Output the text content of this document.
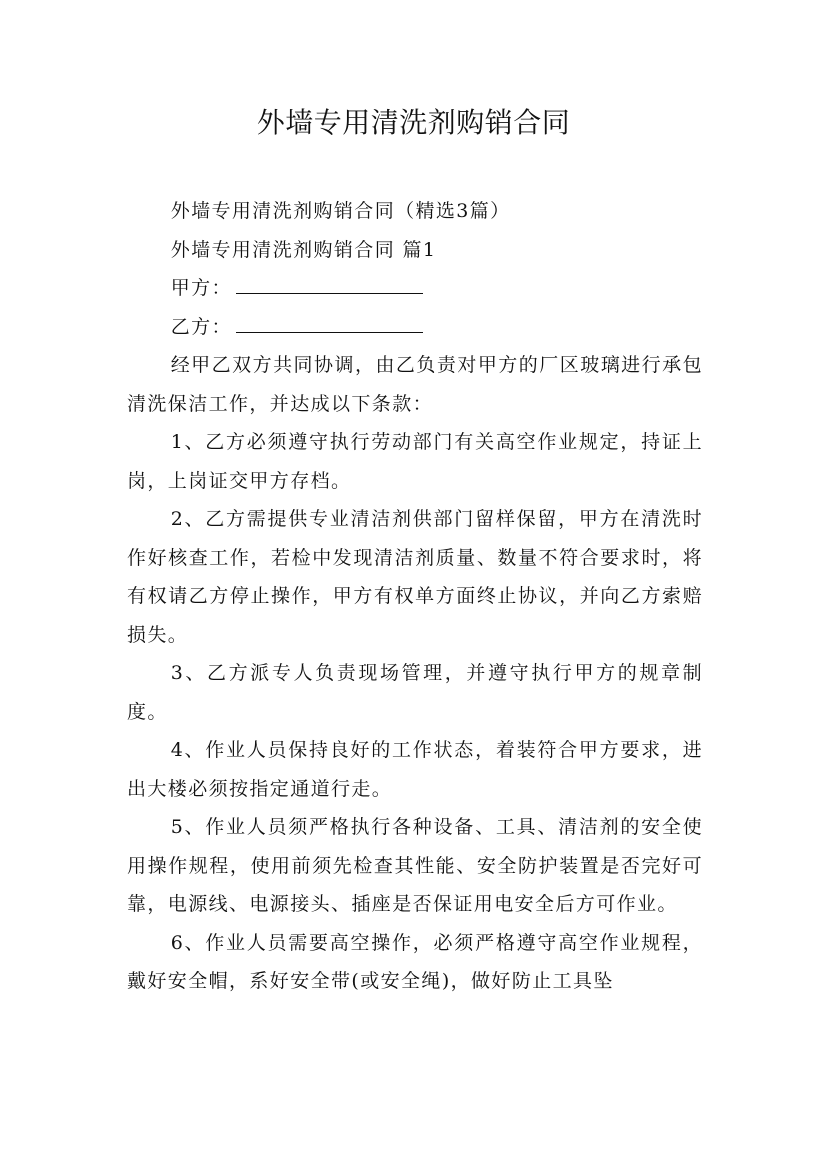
外墙专用清洗剂购销合同

外墙专用清洗剂购销合同（精选3篇）

外墙专用清洗剂购销合同 篇1

甲方：

乙方：

经甲乙双方共同协调，由乙负责对甲方的厂区玻璃进行承包清洗保洁工作，并达成以下条款：

1、乙方必须遵守执行劳动部门有关高空作业规定，持证上岗，上岗证交甲方存档。

2、乙方需提供专业清洁剂供部门留样保留，甲方在清洗时作好核查工作，若检中发现清洁剂质量、数量不符合要求时，将有权请乙方停止操作，甲方有权单方面终止协议，并向乙方索赔损失。

3、乙方派专人负责现场管理，并遵守执行甲方的规章制度。

4、作业人员保持良好的工作状态，着装符合甲方要求，进出大楼必须按指定通道行走。

5、作业人员须严格执行各种设备、工具、清洁剂的安全使用操作规程，使用前须先检查其性能、安全防护装置是否完好可靠，电源线、电源接头、插座是否保证用电安全后方可作业。

6、作业人员需要高空操作，必须严格遵守高空作业规程，戴好安全帽，系好安全带(或安全绳)，做好防止工具坠
